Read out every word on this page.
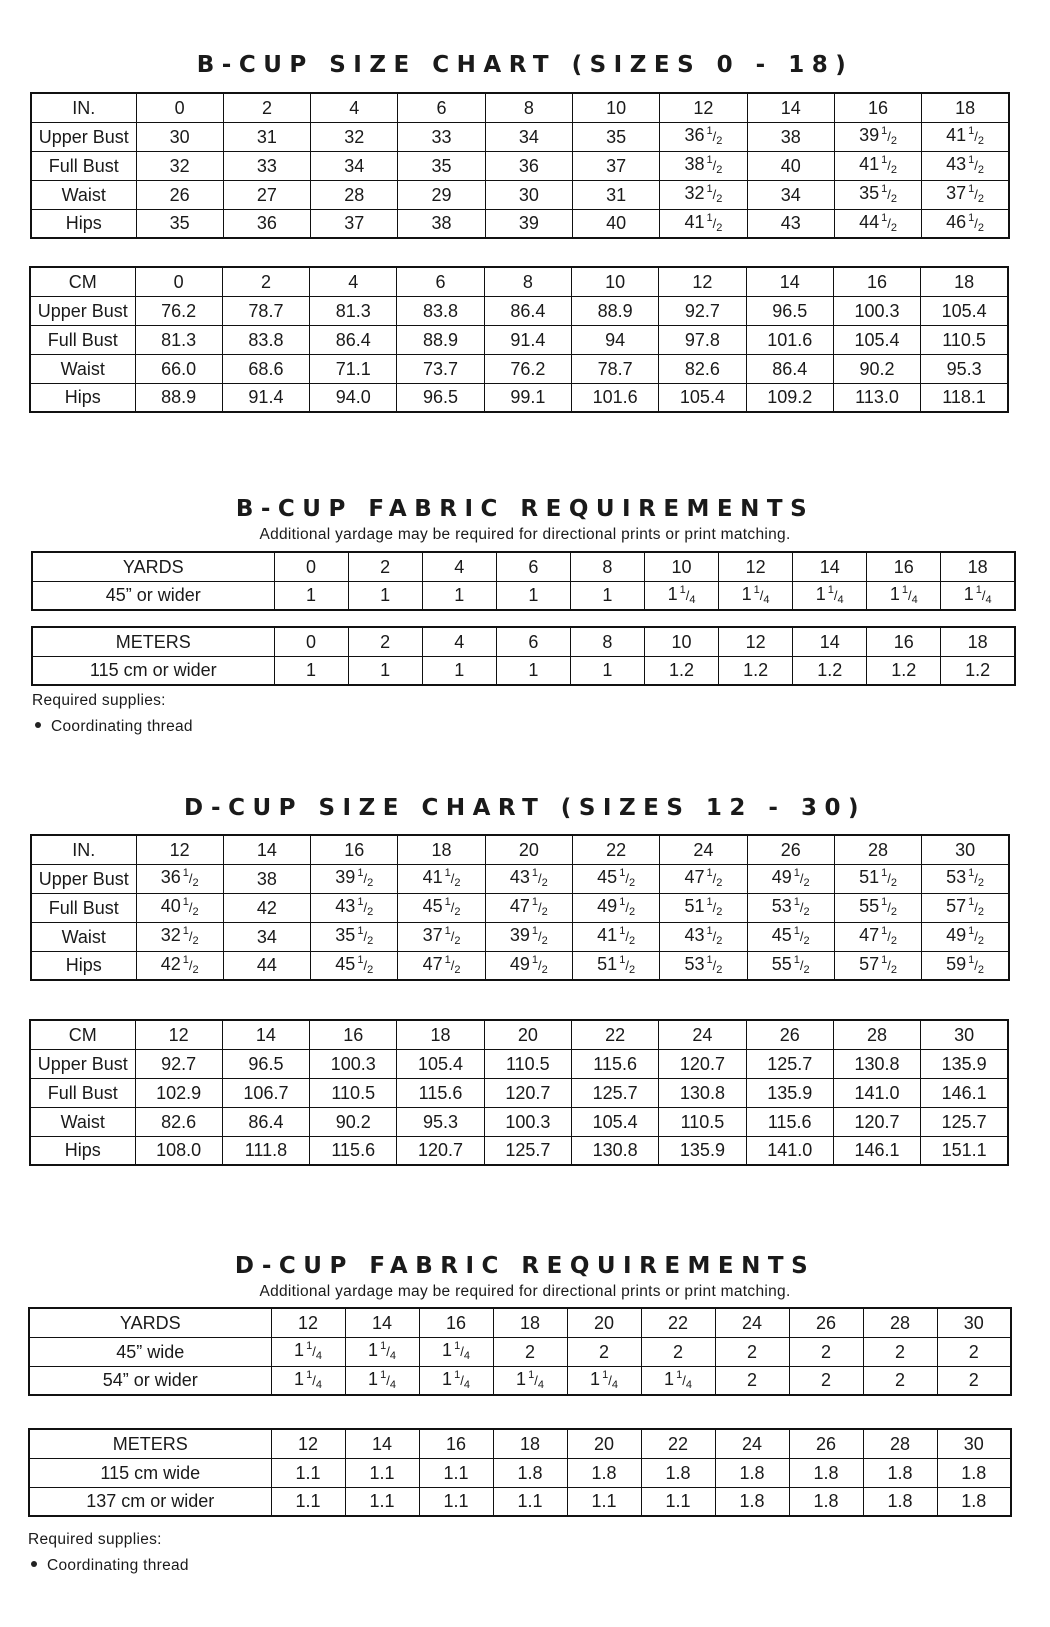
B-CUP SIZE CHART (SIZES 0 - 18)
IN.	0	2	4	6	8	10	12	14	16	18
Upper Bust	30	31	32	33	34	35	36 $^1$/2	38	39 $^1$/2	41 $^1$/2
Full Bust	32	33	34	35	36	37	38 $^1$/2	40	41 $^1$/2	43 $^1$/2
Waist	26	27	28	29	30	31	32 $^1$/2	34	35 $^1$/2	37 $^1$/2
Hips	35	36	37	38	39	40	41 $^1$/2	43	44 $^1$/2	46 $^1$/2
CM	0	2	4	6	8	10	12	14	16	18
Upper Bust	76.2	78.7	81.3	83.8	86.4	88.9	92.7	96.5	100.3	105.4
Full Bust	81.3	83.8	86.4	88.9	91.4	94	97.8	101.6	105.4	110.5
Waist	66.0	68.6	71.1	73.7	76.2	78.7	82.6	86.4	90.2	95.3
Hips	88.9	91.4	94.0	96.5	99.1	101.6	105.4	109.2	113.0	118.1
B-CUP FABRIC REQUIREMENTS
Additional yardage may be required for directional prints or print matching.
YARDS	0	2	4	6	8	10	12	14	16	18
45” or wider	1	1	1	1	1	1 $^1$/4	1 $^1$/4	1 $^1$/4	1 $^1$/4	1 $^1$/4
METERS	0	2	4	6	8	10	12	14	16	18
115 cm or wider	1	1	1	1	1	1.2	1.2	1.2	1.2	1.2
Required supplies:
Coordinating thread
D-CUP SIZE CHART (SIZES 12 - 30)
IN.	12	14	16	18	20	22	24	26	28	30
Upper Bust	36 $^1$/2	38	39 $^1$/2	41 $^1$/2	43 $^1$/2	45 $^1$/2	47 $^1$/2	49 $^1$/2	51 $^1$/2	53 $^1$/2
Full Bust	40 $^1$/2	42	43 $^1$/2	45 $^1$/2	47 $^1$/2	49 $^1$/2	51 $^1$/2	53 $^1$/2	55 $^1$/2	57 $^1$/2
Waist	32 $^1$/2	34	35 $^1$/2	37 $^1$/2	39 $^1$/2	41 $^1$/2	43 $^1$/2	45 $^1$/2	47 $^1$/2	49 $^1$/2
Hips	42 $^1$/2	44	45 $^1$/2	47 $^1$/2	49 $^1$/2	51 $^1$/2	53 $^1$/2	55 $^1$/2	57 $^1$/2	59 $^1$/2
CM	12	14	16	18	20	22	24	26	28	30
Upper Bust	92.7	96.5	100.3	105.4	110.5	115.6	120.7	125.7	130.8	135.9
Full Bust	102.9	106.7	110.5	115.6	120.7	125.7	130.8	135.9	141.0	146.1
Waist	82.6	86.4	90.2	95.3	100.3	105.4	110.5	115.6	120.7	125.7
Hips	108.0	111.8	115.6	120.7	125.7	130.8	135.9	141.0	146.1	151.1
D-CUP FABRIC REQUIREMENTS
Additional yardage may be required for directional prints or print matching.
YARDS	12	14	16	18	20	22	24	26	28	30
45” wide	1 $^1$/4	1 $^1$/4	1 $^1$/4	2	2	2	2	2	2	2
54” or wider	1 $^1$/4	1 $^1$/4	1 $^1$/4	1 $^1$/4	1 $^1$/4	1 $^1$/4	2	2	2	2
METERS	12	14	16	18	20	22	24	26	28	30
115 cm wide	1.1	1.1	1.1	1.8	1.8	1.8	1.8	1.8	1.8	1.8
137 cm or wider	1.1	1.1	1.1	1.1	1.1	1.1	1.8	1.8	1.8	1.8
Required supplies:
Coordinating thread
